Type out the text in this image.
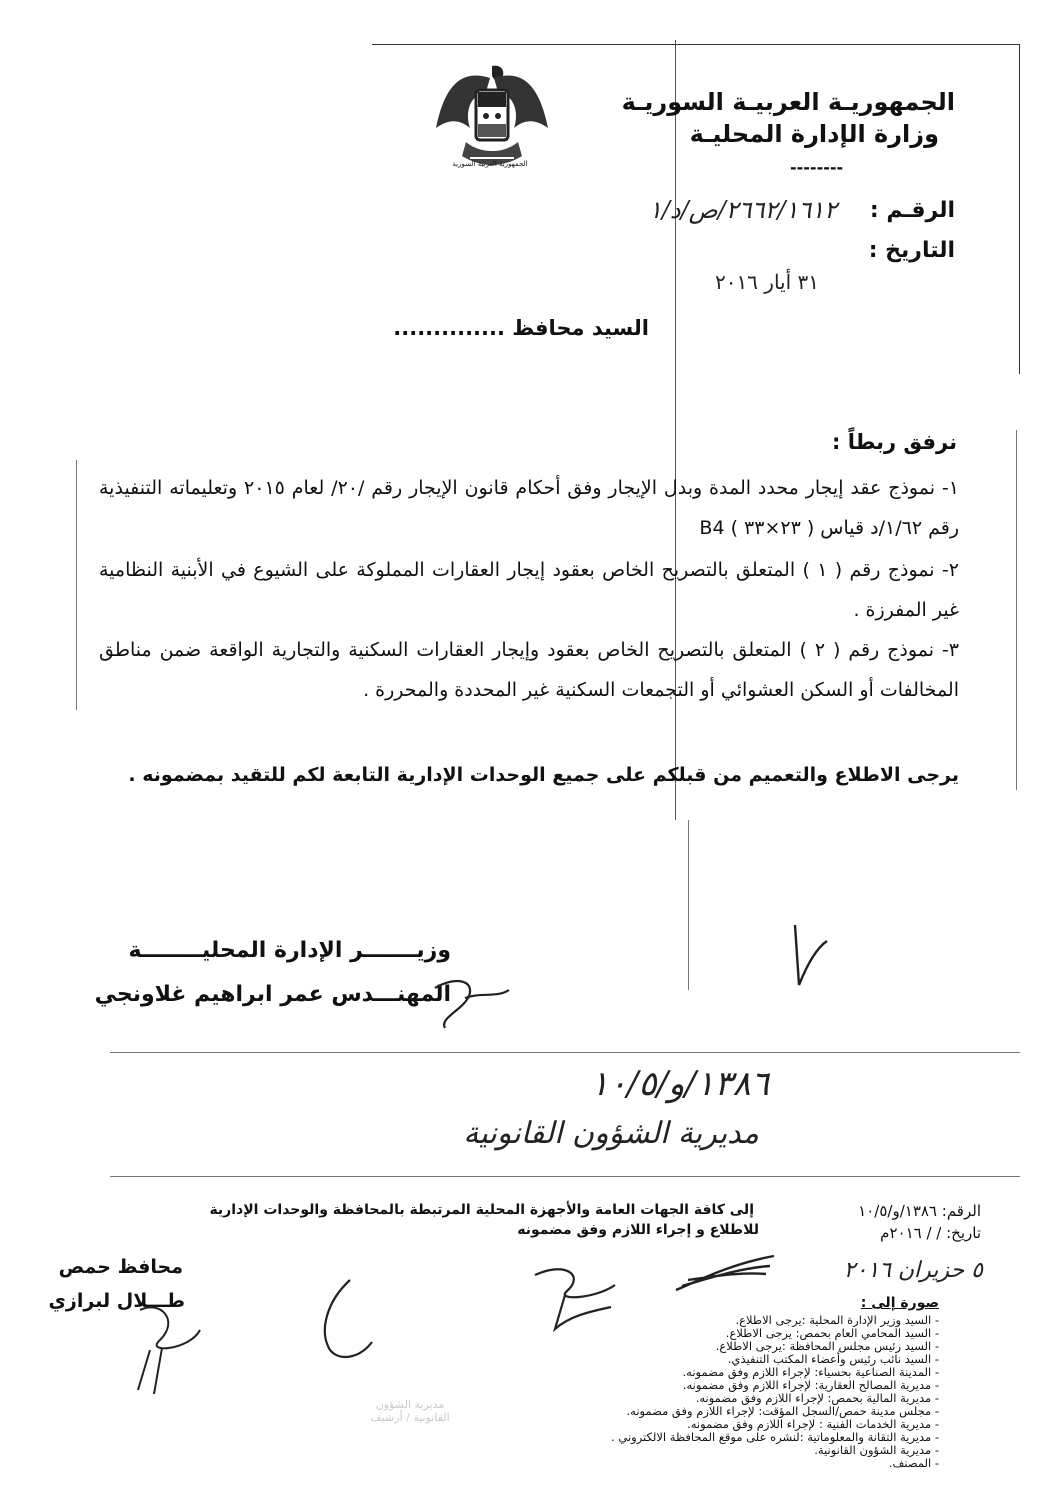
الجمهورية العربية السورية
الجمهوريـة العربيـة السوريـة
وزارة الإدارة المحليـة
--------
الرقـم :
٢٦٦٢/١٦١٢/ص/د/١
التاريخ :
٣١ أيار ٢٠١٦
السيد محافظ ..............
نرفق ربطاً :
١- نموذج عقد إيجار محدد المدة وبدل الإيجار وفق أحكام قانون الإيجار رقم /٢٠/ لعام ٢٠١٥ وتعليماته التنفيذية رقم ١/٦٢/د قياس ( ٢٣×٣٣ ) B4
٢- نموذج رقم ( ١ ) المتعلق بالتصريح الخاص بعقود إيجار العقارات المملوكة على الشيوع في الأبنية النظامية غير المفرزة .
٣- نموذج رقم ( ٢ ) المتعلق بالتصريح الخاص بعقود وإيجار العقارات السكنية والتجارية الواقعة ضمن مناطق المخالفات أو السكن العشوائي أو التجمعات السكنية غير المحددة والمحررة .
يرجى الاطلاع والتعميم من قبلكم على جميع الوحدات الإدارية التابعة لكم للتقيد بمضمونه .
وزيـــــــر الإدارة المحليــــــــة
المهنـــدس عمر ابراهيم غلاونجي
١٣٨٦/و/١٠/٥
مديرية الشؤون القانونية
الرقم: ١٣٨٦/و/١٠/٥
تاريخ: / / ٢٠١٦م
إلى كافة الجهات العامة والأجهزة المحلية المرتبطة بالمحافظة والوحدات الإدارية
للاطلاع و إجراء اللازم وفق مضمونه
٥ حزيران ٢٠١٦
محافظ حمص
طـــلال لبرازي
مديرية الشؤون القانونية / أرشيف
صورة إلى :
- السيد وزير الإدارة المحلية :يرجى الاطلاع.
- السيد المحامي العام بحمص: يرجى الاطلاع.
- السيد رئيس مجلس المحافظة :يرجى الاطلاع.
- السيد نائب رئيس وأعضاء المكتب التنفيذي.
- المدينة الصناعية بحسياء: لإجراء اللازم وفق مضمونه.
- مديرية المصالح العقارية: لإجراء اللازم وفق مضمونه.
- مديرية المالية بحمص: لإجراء اللازم وفق مضمونه.
- مجلس مدينة حمص/السجل المؤقت: لإجراء اللازم وفق مضمونه.
- مديرية الخدمات الفنية : لإجراء اللازم وفق مضمونه.
- مديرية التقانة والمعلوماتية :لنشره على موقع المحافظة الالكتروني .
- مديرية الشؤون القانونية.
- المصنف.
